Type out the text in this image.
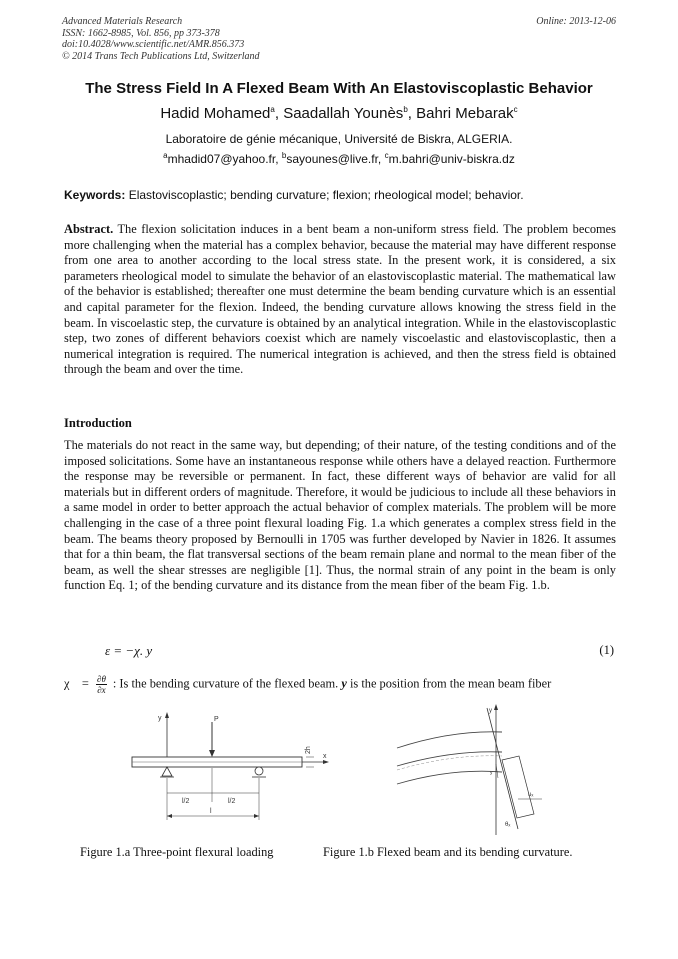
Advanced Materials Research
ISSN: 1662-8985, Vol. 856, pp 373-378
doi:10.4028/www.scientific.net/AMR.856.373
© 2014 Trans Tech Publications Ltd, Switzerland
Online: 2013-12-06
The Stress Field In A Flexed Beam With An Elastoviscoplastic Behavior
Hadid Mohamed$^a$, Saadallah Younès$^b$, Bahri Mebarak$^c$
Laboratoire de génie mécanique, Université de Biskra, ALGERIA.
$^a$mhadid07@yahoo.fr, $^b$sayounes@live.fr, $^c$m.bahri@univ-biskra.dz
Keywords: Elastoviscoplastic; bending curvature; flexion; rheological model; behavior.
Abstract. The flexion solicitation induces in a bent beam a non-uniform stress field. The problem becomes more challenging when the material has a complex behavior, because the material may have different response from one area to another according to the local stress state. In the present work, it is considered, a six parameters rheological model to simulate the behavior of an elastoviscoplastic material. The mathematical law of the behavior is established; thereafter one must determine the beam bending curvature which is an essential and capital parameter for the flexion. Indeed, the bending curvature allows knowing the stress field in the beam. In viscoelastic step, the curvature is obtained by an analytical integration. While in the elastoviscoplastic step, two zones of different behaviors coexist which are namely viscoelastic and elastoviscoplastic, then a numerical integration is required. The numerical integration is achieved, and then the stress field is obtained through the beam and over the time.
Introduction
The materials do not react in the same way, but depending; of their nature, of the testing conditions and of the imposed solicitations. Some have an instantaneous response while others have a delayed reaction. Furthermore the response may be reversible or permanent. In fact, these different ways of behavior are valid for all materials but in different orders of magnitude. Therefore, it would be judicious to include all these behaviors in a same model in order to better approach the actual behavior of complex materials. The problem will be more challenging in the case of a three point flexural loading Fig. 1.a which generates a complex stress field in the beam. The beams theory proposed by Bernoulli in 1705 was further developed by Navier in 1826. It assumes that for a thin beam, the flat transversal sections of the beam remain plane and normal to the mean fiber of the beam, as well the shear stresses are negligible [1]. Thus, the normal strain of any point in the beam is only function Eq. 1; of the bending curvature and its distance from the mean fiber of the beam Fig. 1.b.
ε = −χ. y	(1)
$\chi = \frac{\partial\theta}{\partial x}$ : Is the bending curvature of the flexed beam. y is the position from the mean beam fiber
y
x
P
2h
l/2	l/2
l
y
y
uₓ
θₓ
Figure 1.a Three-point flexural loading	Figure 1.b Flexed beam and its bending curvature.
